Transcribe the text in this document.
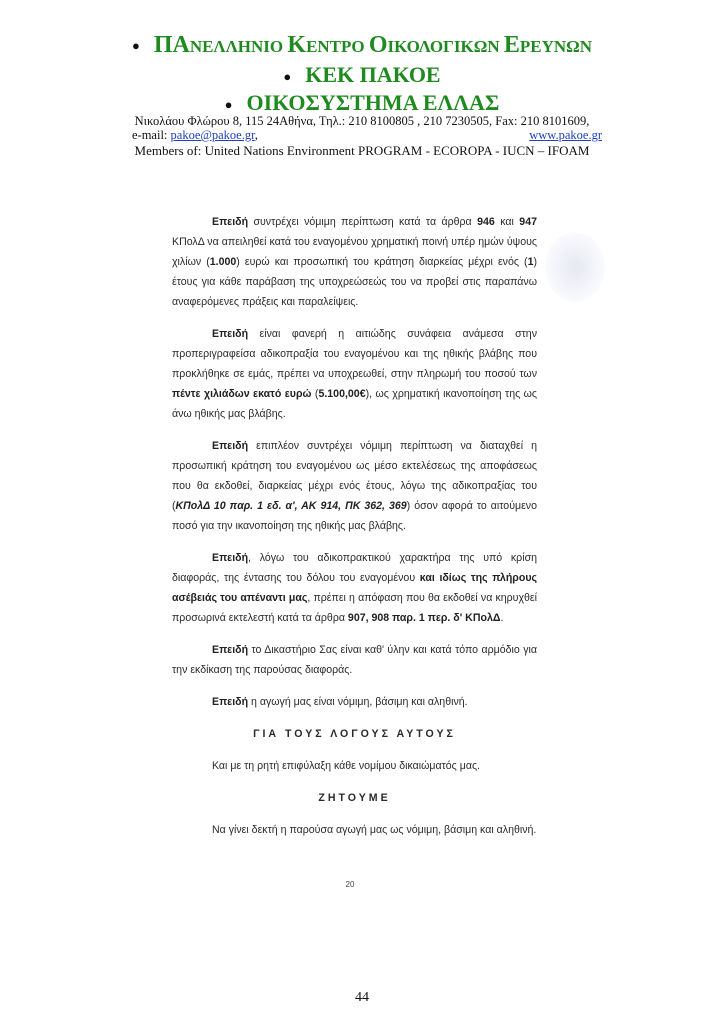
● ΠΑΝΕΛΛΗΝΙΟ ΚΕΝΤΡΟ ΟΙΚΟΛΟΓΙΚΩΝ ΕΡΕΥΝΩΝ
● ΚΕΚ ΠΑΚΟΕ
● ΟΙΚΟΣΥΣΤΗΜΑ ΕΛΛΑΣ
Νικολάου Φλώρου 8, 115 24Αθήνα, Τηλ.: 210 8100805 , 210 7230505, Fax: 210 8101609,
e-mail: pakoe@pakoe.gr,	www.pakoe.gr
Members of: United Nations Environment PROGRAM - ECOROPA - IUCN – IFOAM

Επειδή συντρέχει νόμιμη περίπτωση κατά τα άρθρα 946 και 947 ΚΠολΔ να απειληθεί κατά του εναγομένου χρηματική ποινή υπέρ ημών ύψους χιλίων (1.000) ευρώ και προσωπική του κράτηση διαρκείας μέχρι ενός (1) έτους για κάθε παράβαση της υποχρεώσεώς του να προβεί στις παραπάνω αναφερόμενες πράξεις και παραλείψεις.

Επειδή είναι φανερή η αιτιώδης συνάφεια ανάμεσα στην προπεριγραφείσα αδικοπραξία του εναγομένου και της ηθικής βλάβης που προκλήθηκε σε εμάς, πρέπει να υποχρεωθεί, στην πληρωμή του ποσού των πέντε χιλιάδων εκατό ευρώ (5.100,00€), ως χρηματική ικανοποίηση της ως άνω ηθικής μας βλάβης.

Επειδή επιπλέον συντρέχει νόμιμη περίπτωση να διαταχθεί η προσωπική κράτηση του εναγομένου ως μέσο εκτελέσεως της αποφάσεως που θα εκδοθεί, διαρκείας μέχρι ενός έτους, λόγω της αδικοπραξίας του (ΚΠολΔ 10 παρ. 1 εδ. α', ΑΚ 914, ΠΚ 362, 369) όσον αφορά το αιτούμενο ποσό για την ικανοποίηση της ηθικής μας βλάβης.

Επειδή, λόγω του αδικοπρακτικού χαρακτήρα της υπό κρίση διαφοράς, της έντασης του δόλου του εναγομένου και ιδίως της πλήρους ασέβειάς του απέναντι μας, πρέπει η απόφαση που θα εκδοθεί να κηρυχθεί προσωρινά εκτελεστή κατά τα άρθρα 907, 908 παρ. 1 περ. δ' ΚΠολΔ.

Επειδή το Δικαστήριο Σας είναι καθ' ύλην και κατά τόπο αρμόδιο για την εκδίκαση της παρούσας διαφοράς.

Επειδή η αγωγή μας είναι νόμιμη, βάσιμη και αληθινή.

ΓΙΑ ΤΟΥΣ ΛΟΓΟΥΣ ΑΥΤΟΥΣ

Και με τη ρητή επιφύλαξη κάθε νομίμου δικαιώματός μας.

ΖΗΤΟΥΜΕ

Να γίνει δεκτή η παρούσα αγωγή μας ως νόμιμη, βάσιμη και αληθινή.

20
44
